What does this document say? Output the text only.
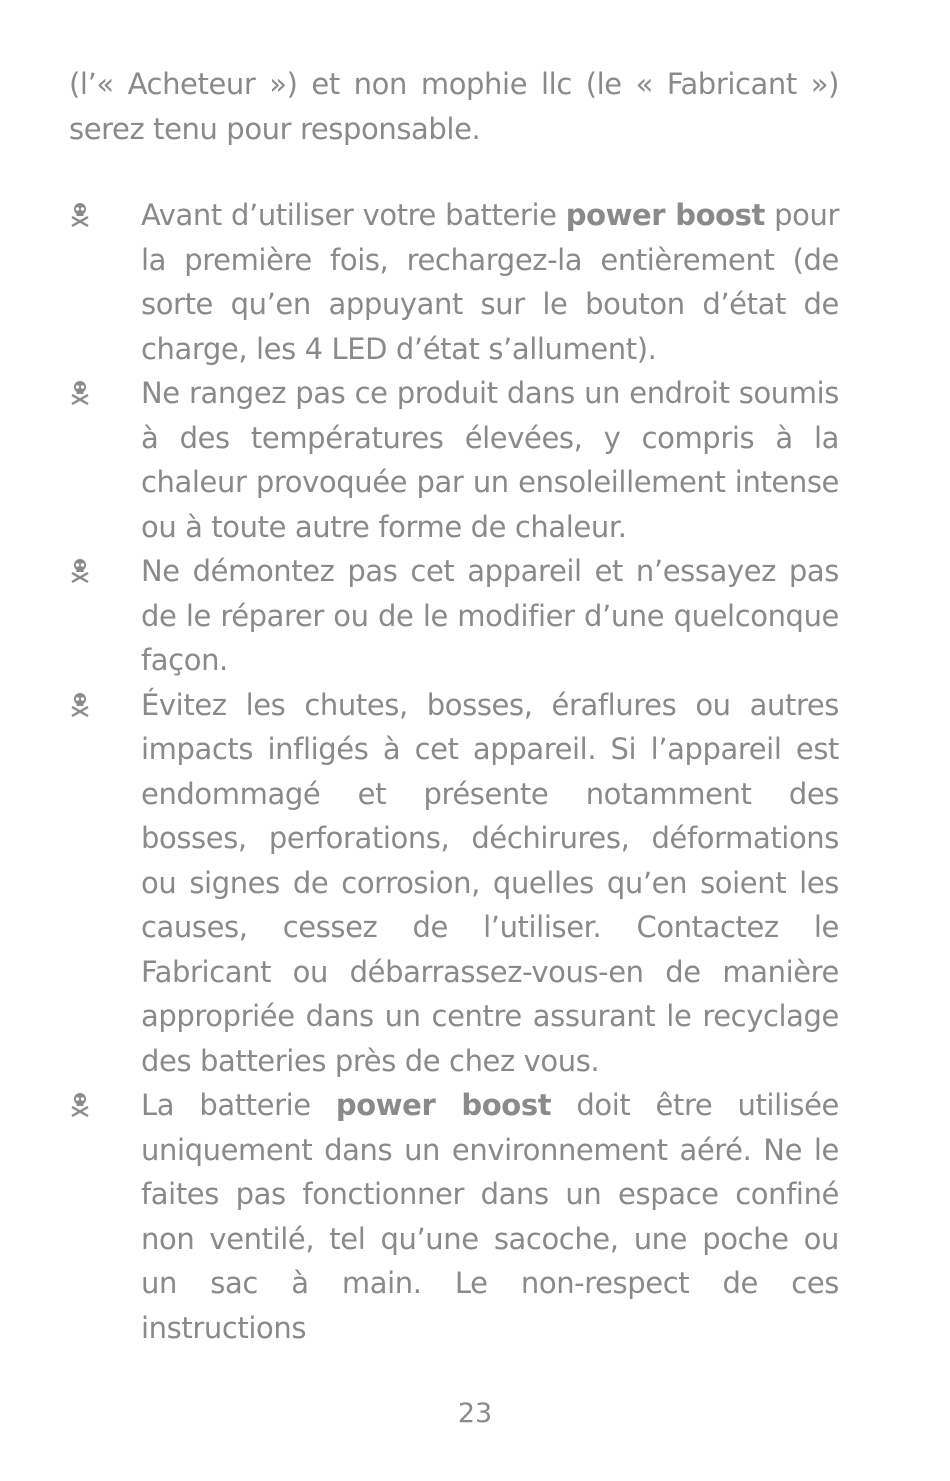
(l’« Acheteur ») et non mophie llc (le « Fabricant ») serez tenu pour responsable.

Avant d’utiliser votre batterie power boost pour la première fois, rechargez-la entièrement (de sorte qu’en appuyant sur le bouton d’état de charge, les 4 LED d’état s’allument).
Ne rangez pas ce produit dans un endroit soumis à des températures élevées, y compris à la chaleur provoquée par un ensoleillement intense ou à toute autre forme de chaleur.
Ne démontez pas cet appareil et n’essayez pas de le réparer ou de le modifier d’une quelconque façon.
Évitez les chutes, bosses, éraflures ou autres impacts infligés à cet appareil. Si l’appareil est endommagé et présente notamment des bosses, perforations, déchirures, déformations ou signes de corrosion, quelles qu’en soient les causes, cessez de l’utiliser. Contactez le Fabricant ou débarrassez-vous-en de manière appropriée dans un centre assurant le recyclage des batteries près de chez vous.
La batterie power boost doit être utilisée uniquement dans un environnement aéré. Ne le faites pas fonctionner dans un espace confiné non ventilé, tel qu’une sacoche, une poche ou un sac à main. Le non-respect de ces instructions
23
